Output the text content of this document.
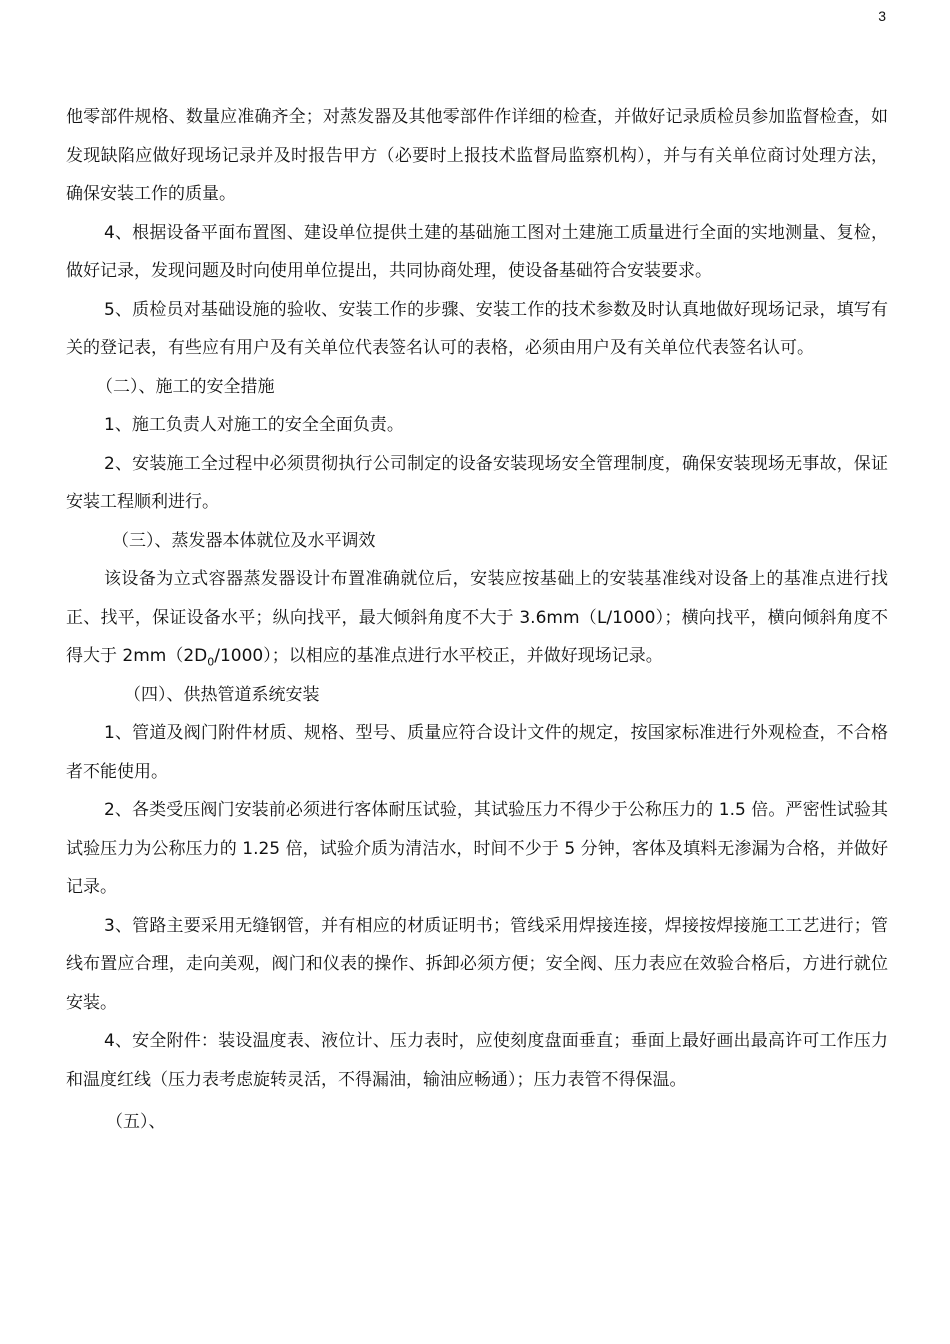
3

他零部件规格、数量应准确齐全；对蒸发器及其他零部件作详细的检查，并做好记录质检员参加监督检查，如发现缺陷应做好现场记录并及时报告甲方（必要时上报技术监督局监察机构），并与有关单位商讨处理方法，确保安装工作的质量。

4、根据设备平面布置图、建设单位提供土建的基础施工图对土建施工质量进行全面的实地测量、复检，做好记录，发现问题及时向使用单位提出，共同协商处理，使设备基础符合安装要求。

5、质检员对基础设施的验收、安装工作的步骤、安装工作的技术参数及时认真地做好现场记录，填写有关的登记表，有些应有用户及有关单位代表签名认可的表格，必须由用户及有关单位代表签名认可。

（二）、施工的安全措施

1、施工负责人对施工的安全全面负责。

2、安装施工全过程中必须贯彻执行公司制定的设备安装现场安全管理制度，确保安装现场无事故，保证安装工程顺利进行。

（三）、蒸发器本体就位及水平调效

该设备为立式容器蒸发器设计布置准确就位后，安装应按基础上的安装基准线对设备上的基准点进行找正、找平，保证设备水平；纵向找平，最大倾斜角度不大于 3.6mm（L/1000）；横向找平，横向倾斜角度不得大于 $2mm(2D_0/1000)$；以相应的基准点进行水平校正，并做好现场记录。

（四）、供热管道系统安装

1、管道及阀门附件材质、规格、型号、质量应符合设计文件的规定，按国家标准进行外观检查，不合格者不能使用。

2、各类受压阀门安装前必须进行客体耐压试验，其试验压力不得少于公称压力的 1.5 倍。严密性试验其试验压力为公称压力的 1.25 倍，试验介质为清洁水，时间不少于 5 分钟，客体及填料无渗漏为合格，并做好记录。

3、管路主要采用无缝钢管，并有相应的材质证明书；管线采用焊接连接，焊接按焊接施工工艺进行；管线布置应合理，走向美观，阀门和仪表的操作、拆卸必须方便；安全阀、压力表应在效验合格后，方进行就位安装。

4、安全附件：装设温度表、液位计、压力表时，应使刻度盘面垂直；垂面上最好画出最高许可工作压力和温度红线（压力表考虑旋转灵活，不得漏油，输油应畅通）；压力表管不得保温。

（五）、
